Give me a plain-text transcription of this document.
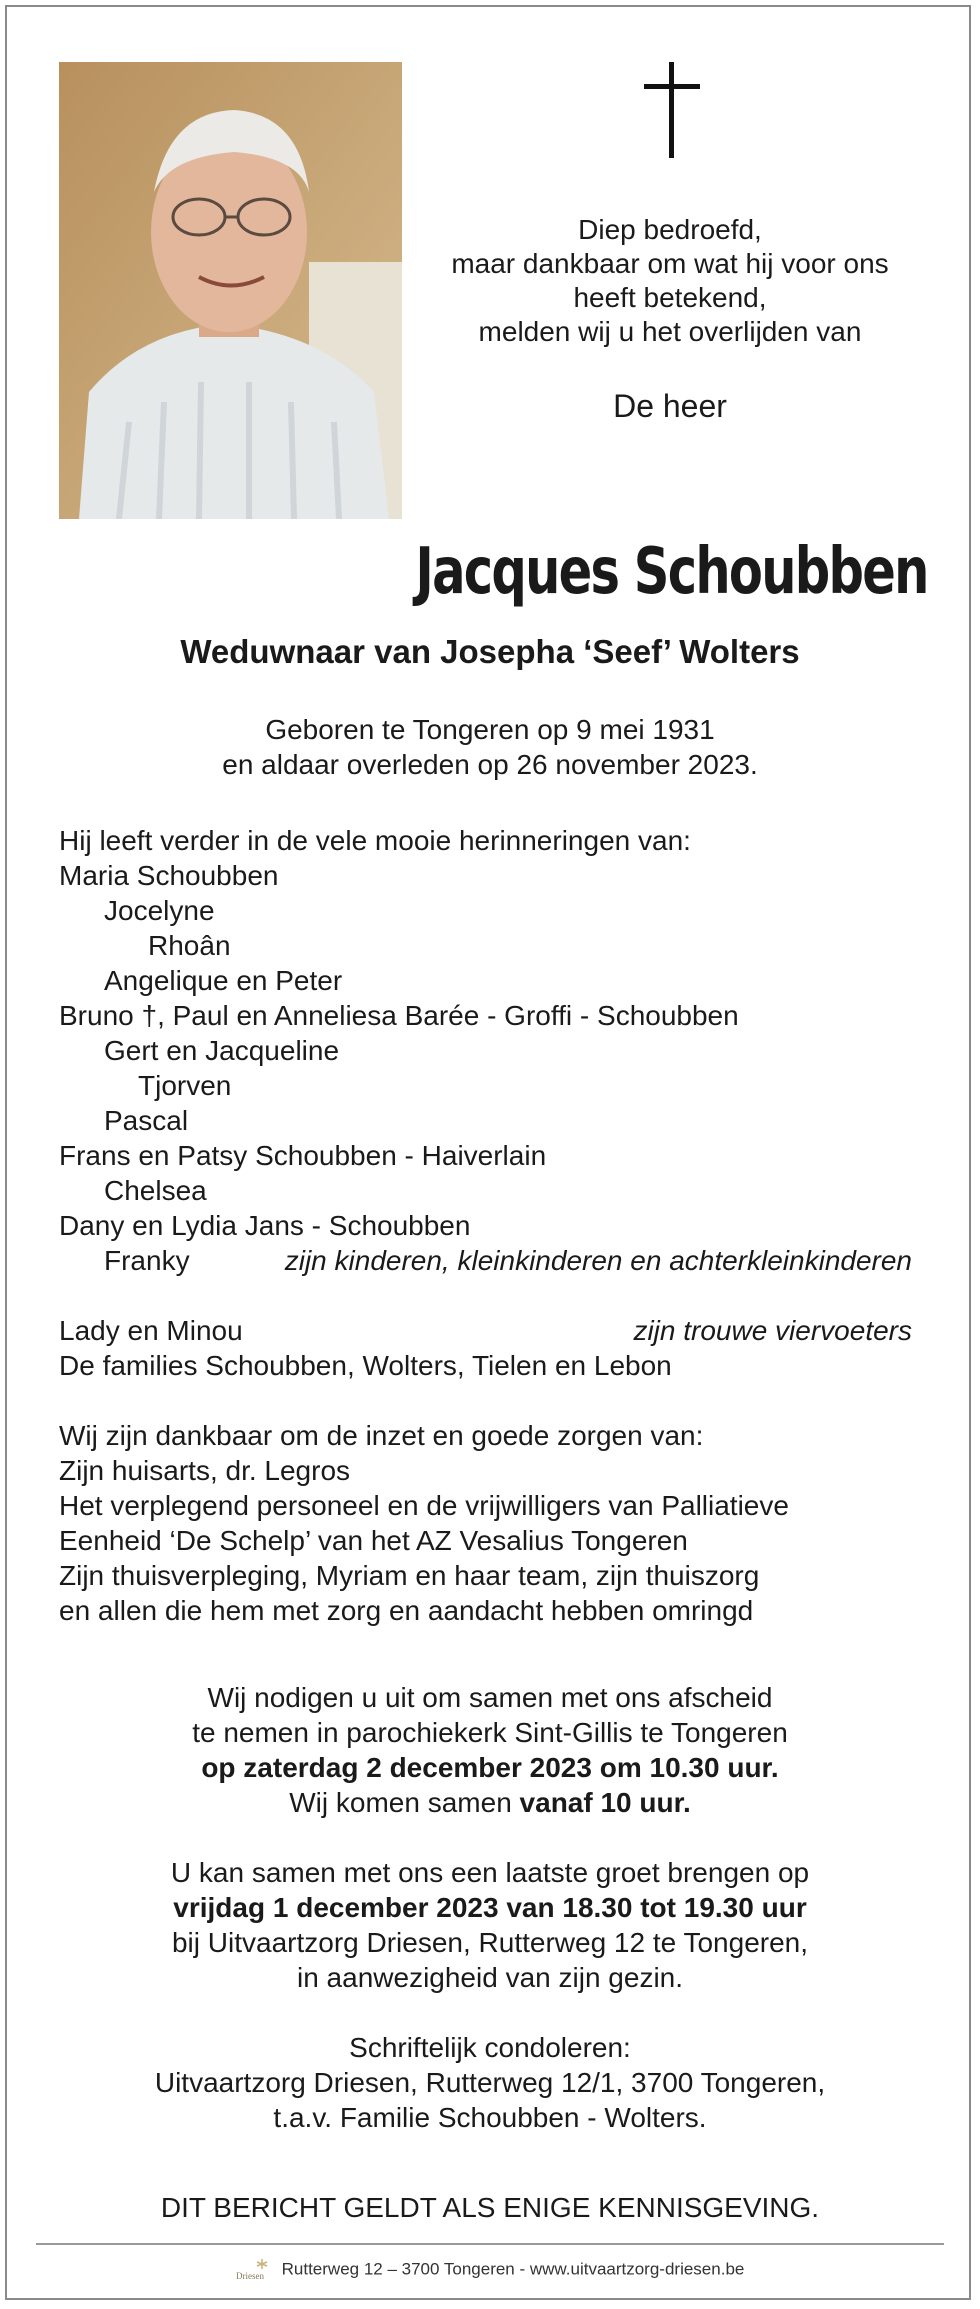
Diep bedroefd,
maar dankbaar om wat hij voor ons
heeft betekend,
melden wij u het overlijden van
De heer
Jacques Schoubben
Weduwnaar van Josepha ‘Seef’ Wolters
Geboren te Tongeren op 9 mei 1931
en aldaar overleden op 26 november 2023.
Hij leeft verder in de vele mooie herinneringen van:
Maria Schoubben
Jocelyne
Rhoân
Angelique en Peter
Bruno †, Paul en Anneliesa Barée - Groffi - Schoubben
Gert en Jacqueline
Tjorven
Pascal
Frans en Patsy Schoubben - Haiverlain
Chelsea
Dany en Lydia Jans - Schoubben
Franky	zijn kinderen, kleinkinderen en achterkleinkinderen
Lady en Minou	zijn trouwe viervoeters
De families Schoubben, Wolters, Tielen en Lebon
Wij zijn dankbaar om de inzet en goede zorgen van:
Zijn huisarts, dr. Legros
Het verplegend personeel en de vrijwilligers van Palliatieve
Eenheid ‘De Schelp’ van het AZ Vesalius Tongeren
Zijn thuisverpleging, Myriam en haar team, zijn thuiszorg
en allen die hem met zorg en aandacht hebben omringd
Wij nodigen u uit om samen met ons afscheid
te nemen in parochiekerk Sint-Gillis te Tongeren
op zaterdag 2 december 2023 om 10.30 uur.
Wij komen samen vanaf 10 uur.
U kan samen met ons een laatste groet brengen op
vrijdag 1 december 2023 van 18.30 tot 19.30 uur
bij Uitvaartzorg Driesen, Rutterweg 12 te Tongeren,
in aanwezigheid van zijn gezin.
Schriftelijk condoleren:
Uitvaartzorg Driesen, Rutterweg 12/1, 3700 Tongeren,
t.a.v. Familie Schoubben - Wolters.
DIT BERICHT GELDT ALS ENIGE KENNISGEVING.
Driesen Rutterweg 12 – 3700 Tongeren - www.uitvaartzorg-driesen.be
